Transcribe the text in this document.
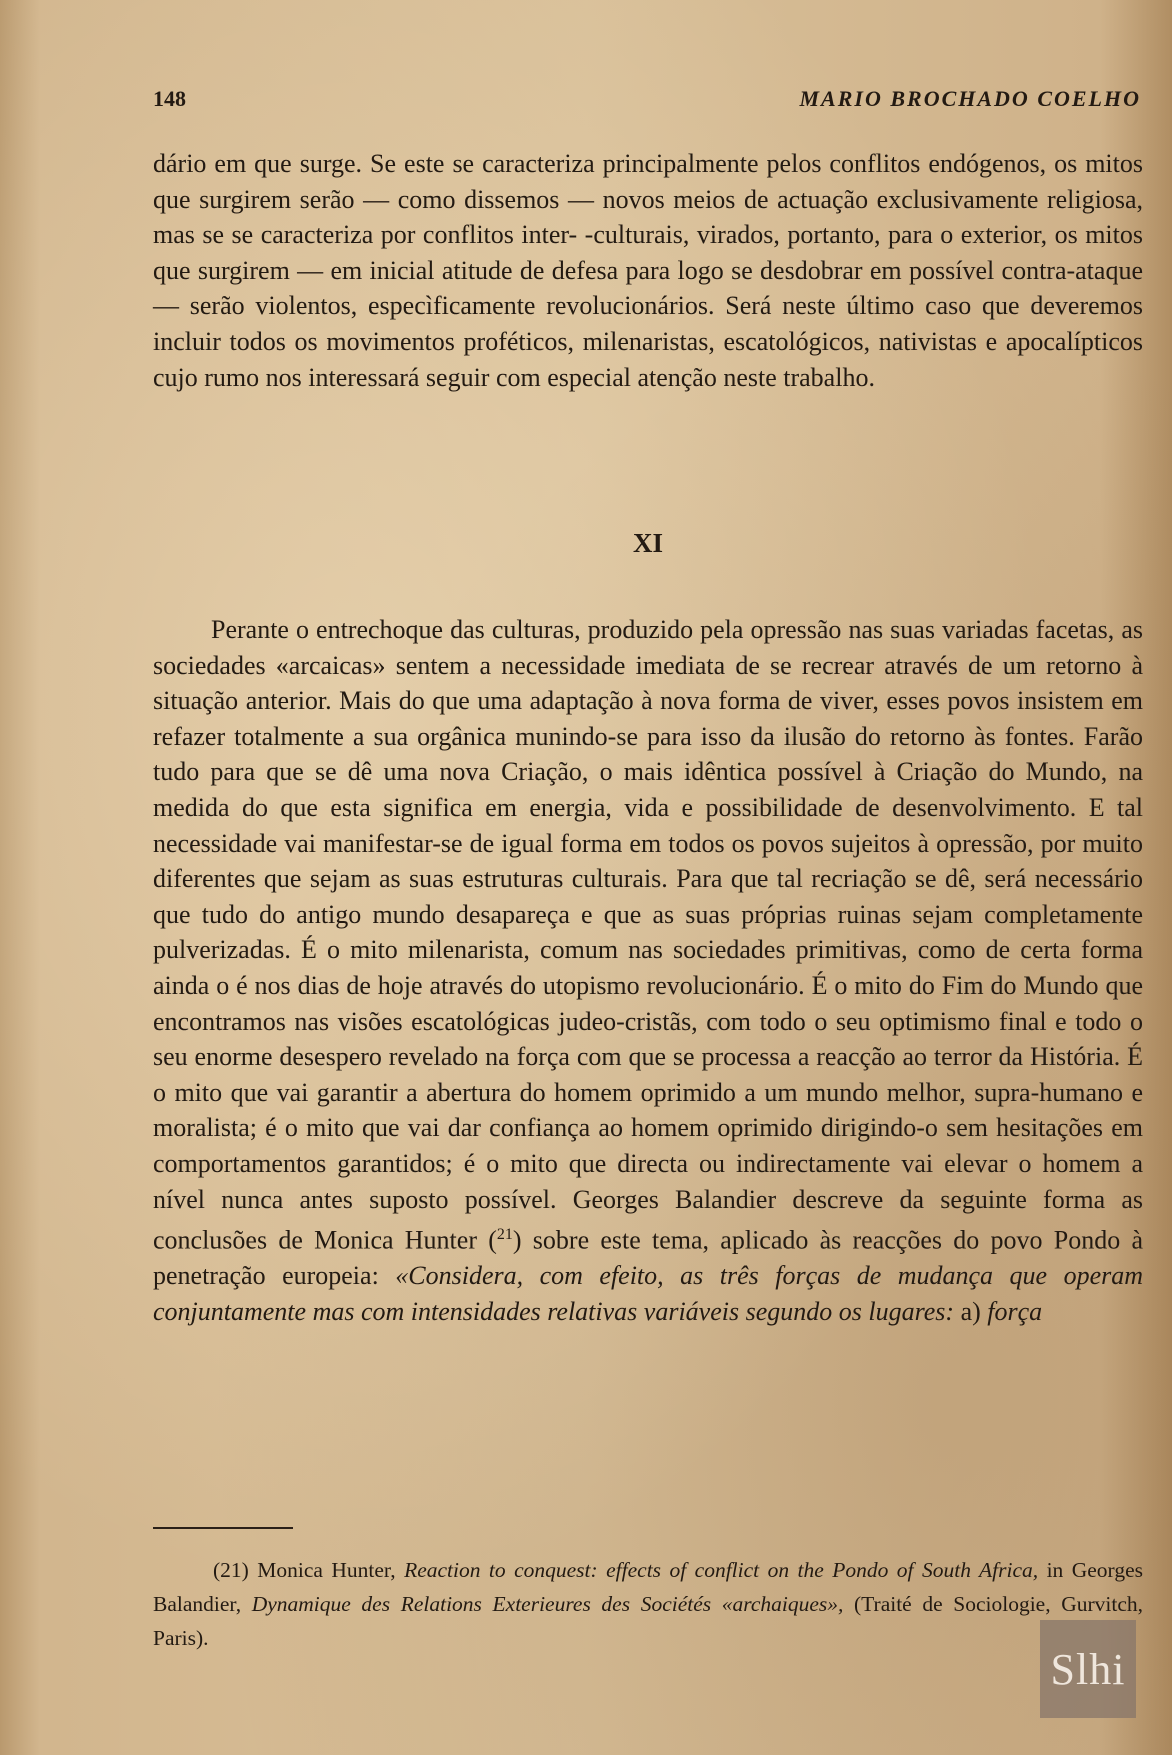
148	MARIO BROCHADO COELHO

dário em que surge. Se este se caracteriza principalmente pelos conflitos endógenos, os mitos que surgirem serão — como dissemos — novos meios de actuação exclusivamente religiosa, mas se se caracteriza por conflitos inter- -culturais, virados, portanto, para o exterior, os mitos que surgirem — em inicial atitude de defesa para logo se desdobrar em possível contra-ataque — serão violentos, especìficamente revolucionários. Será neste último caso que deveremos incluir todos os movimentos proféticos, milenaristas, escatológicos, nativistas e apocalípticos cujo rumo nos interessará seguir com especial atenção neste trabalho.

XI

Perante o entrechoque das culturas, produzido pela opressão nas suas variadas facetas, as sociedades «arcaicas» sentem a necessidade imediata de se recrear através de um retorno à situação anterior. Mais do que uma adaptação à nova forma de viver, esses povos insistem em refazer totalmente a sua orgânica munindo-se para isso da ilusão do retorno às fontes. Farão tudo para que se dê uma nova Criação, o mais idêntica possível à Criação do Mundo, na medida do que esta significa em energia, vida e possibilidade de desenvolvimento. E tal necessidade vai manifestar-se de igual forma em todos os povos sujeitos à opressão, por muito diferentes que sejam as suas estruturas culturais. Para que tal recriação se dê, será necessário que tudo do antigo mundo desapareça e que as suas próprias ruinas sejam completamente pulverizadas. É o mito milenarista, comum nas sociedades primitivas, como de certa forma ainda o é nos dias de hoje através do utopismo revolucionário. É o mito do Fim do Mundo que encontramos nas visões escatológicas judeo-cristãs, com todo o seu optimismo final e todo o seu enorme desespero revelado na força com que se processa a reacção ao terror da História. É o mito que vai garantir a abertura do homem oprimido a um mundo melhor, supra-humano e moralista; é o mito que vai dar confiança ao homem oprimido dirigindo-o sem hesitações em comportamentos garantidos; é o mito que directa ou indirectamente vai elevar o homem a nível nunca antes suposto possível. Georges Balandier descreve da seguinte forma as conclusões de Monica Hunter ($^{21}$) sobre este tema, aplicado às reacções do povo Pondo à penetração europeia: «Considera, com efeito, as três forças de mudança que operam conjuntamente mas com intensidades relativas variáveis segundo os lugares: a) força

(21) Monica Hunter, Reaction to conquest: effects of conflict on the Pondo of South Africa, in Georges Balandier, Dynamique des Relations Exterieures des Sociétés «archaiques», (Traité de Sociologie, Gurvitch, Paris).

Slhi
